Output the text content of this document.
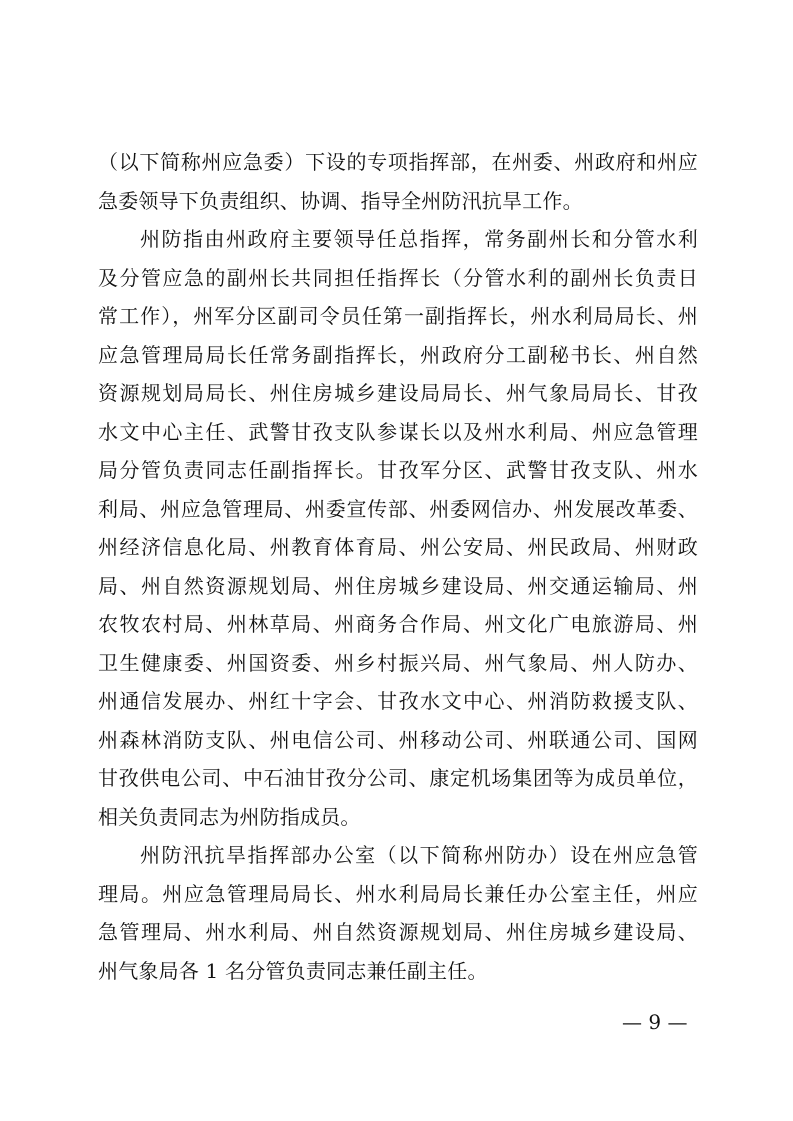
（以下简称州应急委）下设的专项指挥部，在州委、州政府和州应
急委领导下负责组织、协调、指导全州防汛抗旱工作。
州防指由州政府主要领导任总指挥，常务副州长和分管水利
及分管应急的副州长共同担任指挥长（分管水利的副州长负责日
常工作），州军分区副司令员任第一副指挥长，州水利局局长、州
应急管理局局长任常务副指挥长，州政府分工副秘书长、州自然
资源规划局局长、州住房城乡建设局局长、州气象局局长、甘孜
水文中心主任、武警甘孜支队参谋长以及州水利局、州应急管理
局分管负责同志任副指挥长。甘孜军分区、武警甘孜支队、州水
利局、州应急管理局、州委宣传部、州委网信办、州发展改革委、
州经济信息化局、州教育体育局、州公安局、州民政局、州财政
局、州自然资源规划局、州住房城乡建设局、州交通运输局、州
农牧农村局、州林草局、州商务合作局、州文化广电旅游局、州
卫生健康委、州国资委、州乡村振兴局、州气象局、州人防办、
州通信发展办、州红十字会、甘孜水文中心、州消防救援支队、
州森林消防支队、州电信公司、州移动公司、州联通公司、国网
甘孜供电公司、中石油甘孜分公司、康定机场集团等为成员单位，
相关负责同志为州防指成员。
州防汛抗旱指挥部办公室（以下简称州防办）设在州应急管
理局。州应急管理局局长、州水利局局长兼任办公室主任，州应
急管理局、州水利局、州自然资源规划局、州住房城乡建设局、
州气象局各 1 名分管负责同志兼任副主任。
— 9 —
